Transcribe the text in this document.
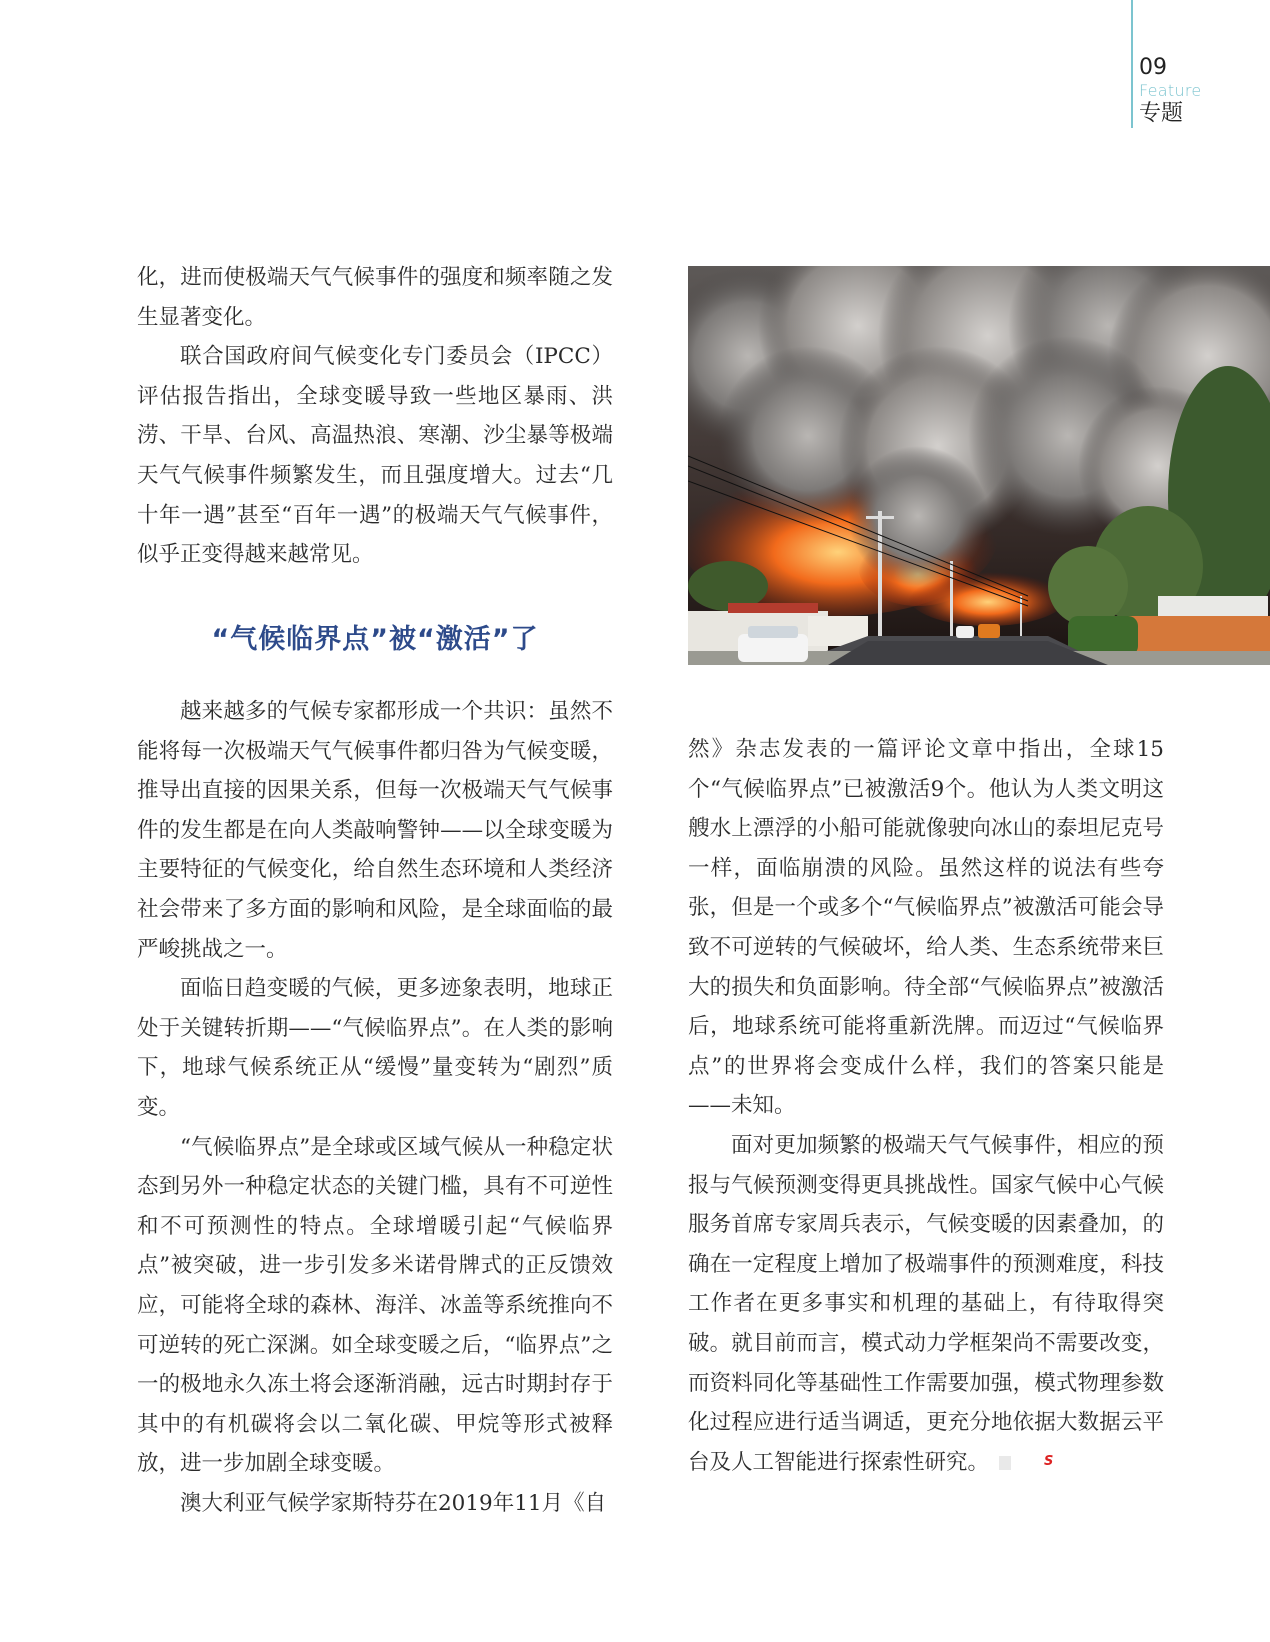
09
Feature
专题

化，进而使极端天气气候事件的强度和频率随之发生显著变化。

联合国政府间气候变化专门委员会（IPCC）评估报告指出，全球变暖导致一些地区暴雨、洪涝、干旱、台风、高温热浪、寒潮、沙尘暴等极端天气气候事件频繁发生，而且强度增大。过去“几十年一遇”甚至“百年一遇”的极端天气气候事件，似乎正变得越来越常见。

“气候临界点”被“激活”了

越来越多的气候专家都形成一个共识：虽然不能将每一次极端天气气候事件都归咎为气候变暖，推导出直接的因果关系，但每一次极端天气气候事件的发生都是在向人类敲响警钟——以全球变暖为主要特征的气候变化，给自然生态环境和人类经济社会带来了多方面的影响和风险，是全球面临的最严峻挑战之一。

面临日趋变暖的气候，更多迹象表明，地球正处于关键转折期——“气候临界点”。在人类的影响下，地球气候系统正从“缓慢”量变转为“剧烈”质变。

“气候临界点”是全球或区域气候从一种稳定状态到另外一种稳定状态的关键门槛，具有不可逆性和不可预测性的特点。全球增暖引起“气候临界点”被突破，进一步引发多米诺骨牌式的正反馈效应，可能将全球的森林、海洋、冰盖等系统推向不可逆转的死亡深渊。如全球变暖之后，“临界点”之一的极地永久冻土将会逐渐消融，远古时期封存于其中的有机碳将会以二氧化碳、甲烷等形式被释放，进一步加剧全球变暖。

澳大利亚气候学家斯特芬在2019年11月《自

然》杂志发表的一篇评论文章中指出，全球15个“气候临界点”已被激活9个。他认为人类文明这艘水上漂浮的小船可能就像驶向冰山的泰坦尼克号一样，面临崩溃的风险。虽然这样的说法有些夸张，但是一个或多个“气候临界点”被激活可能会导致不可逆转的气候破坏，给人类、生态系统带来巨大的损失和负面影响。待全部“气候临界点”被激活后，地球系统可能将重新洗牌。而迈过“气候临界点”的世界将会变成什么样，我们的答案只能是——未知。

面对更加频繁的极端天气气候事件，相应的预报与气候预测变得更具挑战性。国家气候中心气候服务首席专家周兵表示，气候变暖的因素叠加，的确在一定程度上增加了极端事件的预测难度，科技工作者在更多事实和机理的基础上，有待取得突破。就目前而言，模式动力学框架尚不需要改变，而资料同化等基础性工作需要加强，模式物理参数化过程应进行适当调适，更充分地依据大数据云平台及人工智能进行探索性研究。	S
